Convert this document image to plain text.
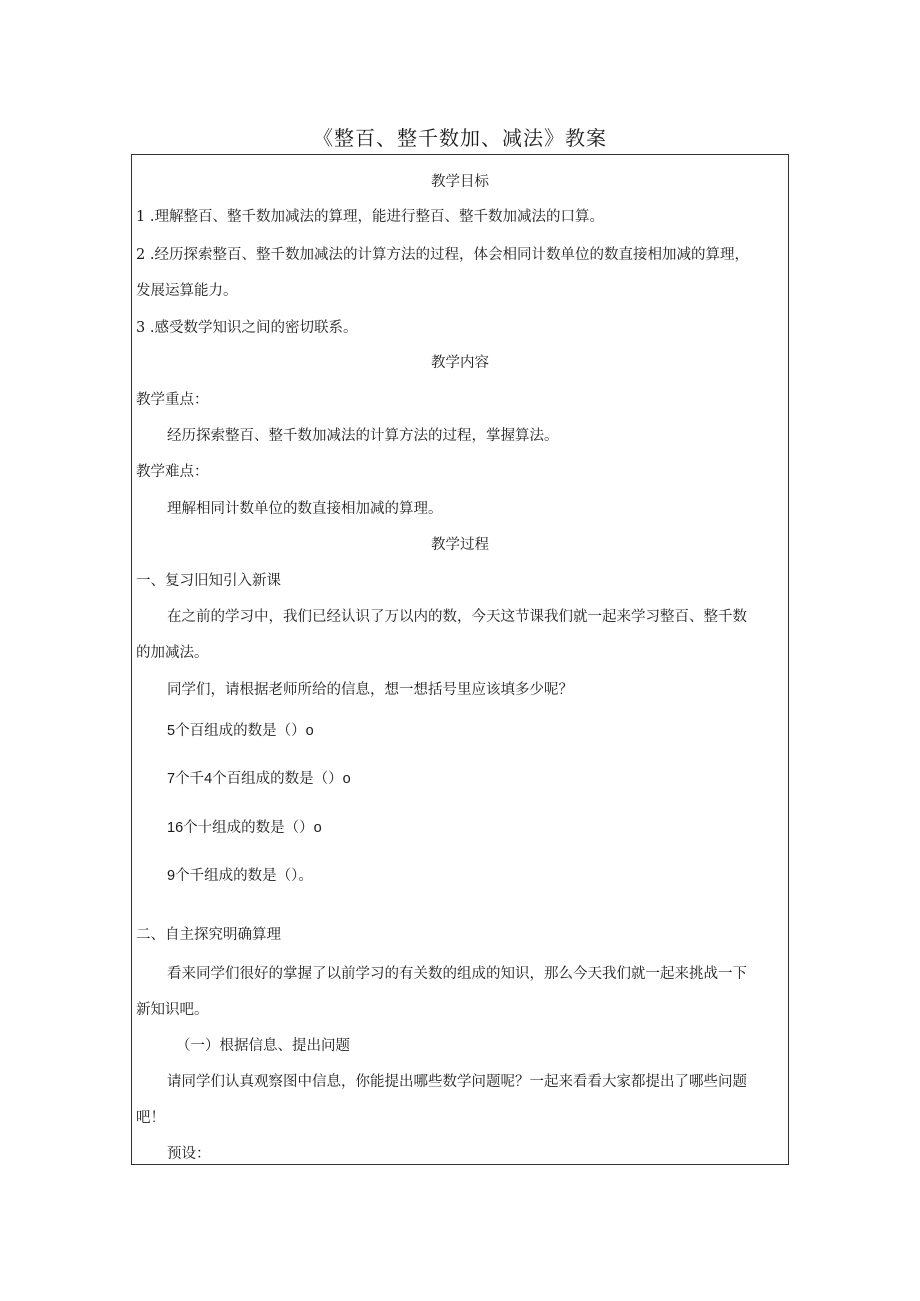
《整百、整千数加、减法》教案
教学目标
1 .理解整百、整千数加减法的算理，能进行整百、整千数加减法的口算。
2 .经历探索整百、整千数加减法的计算方法的过程，体会相同计数单位的数直接相加减的算理，
发展运算能力。
3 .感受数学知识之间的密切联系。
教学内容
教学重点：
经历探索整百、整千数加减法的计算方法的过程，掌握算法。
教学难点：
理解相同计数单位的数直接相加减的算理。
教学过程
一、复习旧知引入新课
在之前的学习中，我们已经认识了万以内的数，今天这节课我们就一起来学习整百、整千数
的加减法。
同学们，请根据老师所给的信息，想一想括号里应该填多少呢？
5个百组成的数是（）o
7个千4个百组成的数是（）o
16个十组成的数是（）o
9个千组成的数是（）。
二、自主探究明确算理
看来同学们很好的掌握了以前学习的有关数的组成的知识，那么今天我们就一起来挑战一下
新知识吧。
（一）根据信息、提出问题
请同学们认真观察图中信息，你能提出哪些数学问题呢？一起来看看大家都提出了哪些问题
吧！
预设：
